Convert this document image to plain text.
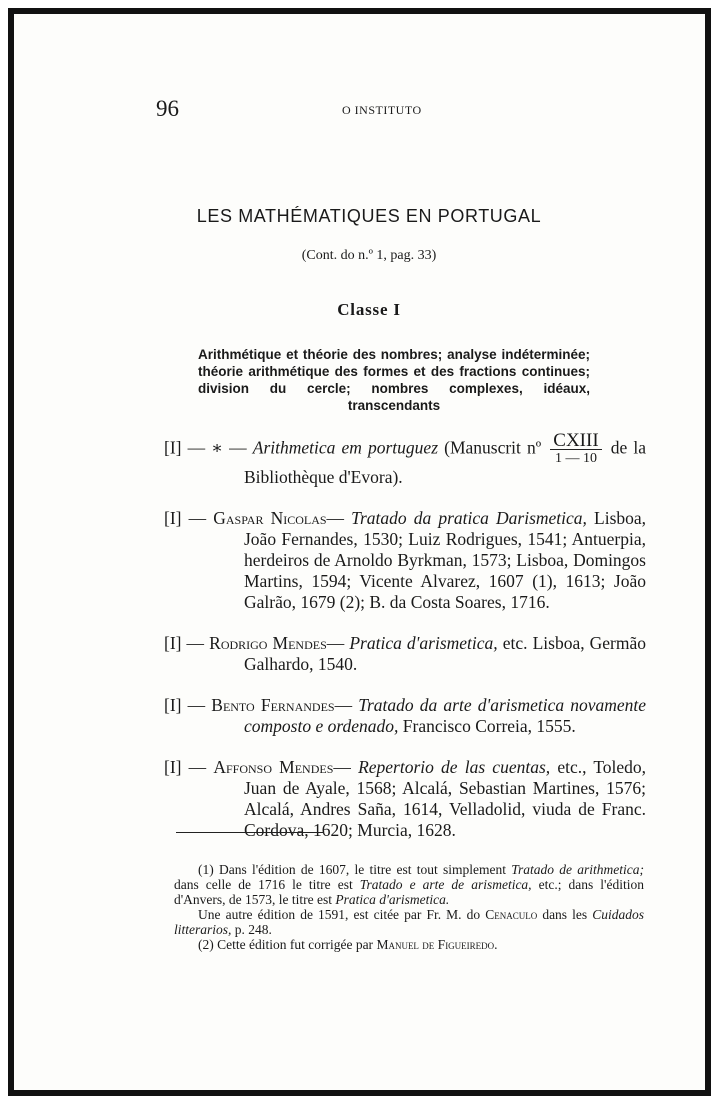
96	O INSTITUTO
LES MATHÉMATIQUES EN PORTUGAL
(Cont. do n.º 1, pag. 33)
Classe I
Arithmétique et théorie des nombres; analyse indéterminée; théorie arithmétique des formes et des fractions continues; division du cercle; nombres complexes, idéaux, transcendants
[I] — ∗ — Arithmetica em portuguez (Manuscrit nº $\frac{\text{CXIII}}{1 — 10}$ de la Bibliothèque d'Evora).
[I] — Gaspar Nicolas— Tratado da pratica Darismetica, Lisboa, João Fernandes, 1530; Luiz Rodrigues, 1541; Antuerpia, herdeiros de Arnoldo Byrkman, 1573; Lisboa, Domingos Martins, 1594; Vicente Alvarez, 1607 (1), 1613; João Galrão, 1679 (2); B. da Costa Soares, 1716.
[I] — Rodrigo Mendes— Pratica d'arismetica, etc. Lisboa, Germão Galhardo, 1540.
[I] — Bento Fernandes— Tratado da arte d'arismetica novamente composto e ordenado, Francisco Correia, 1555.
[I] — Affonso Mendes— Repertorio de las cuentas, etc., Toledo, Juan de Ayale, 1568; Alcalá, Sebastian Martines, 1576; Alcalá, Andres Saña, 1614, Velladolid, viuda de Franc. Cordova, 1620; Murcia, 1628.

(1) Dans l'édition de 1607, le titre est tout simplement Tratado de arithmetica; dans celle de 1716 le titre est Tratado e arte de arismetica, etc.; dans l'édition d'Anvers, de 1573, le titre est Pratica d'arismetica.

Une autre édition de 1591, est citée par Fr. M. do Cenaculo dans les Cuidados litterarios, p. 248.

(2) Cette édition fut corrigée par Manuel de Figueiredo.
